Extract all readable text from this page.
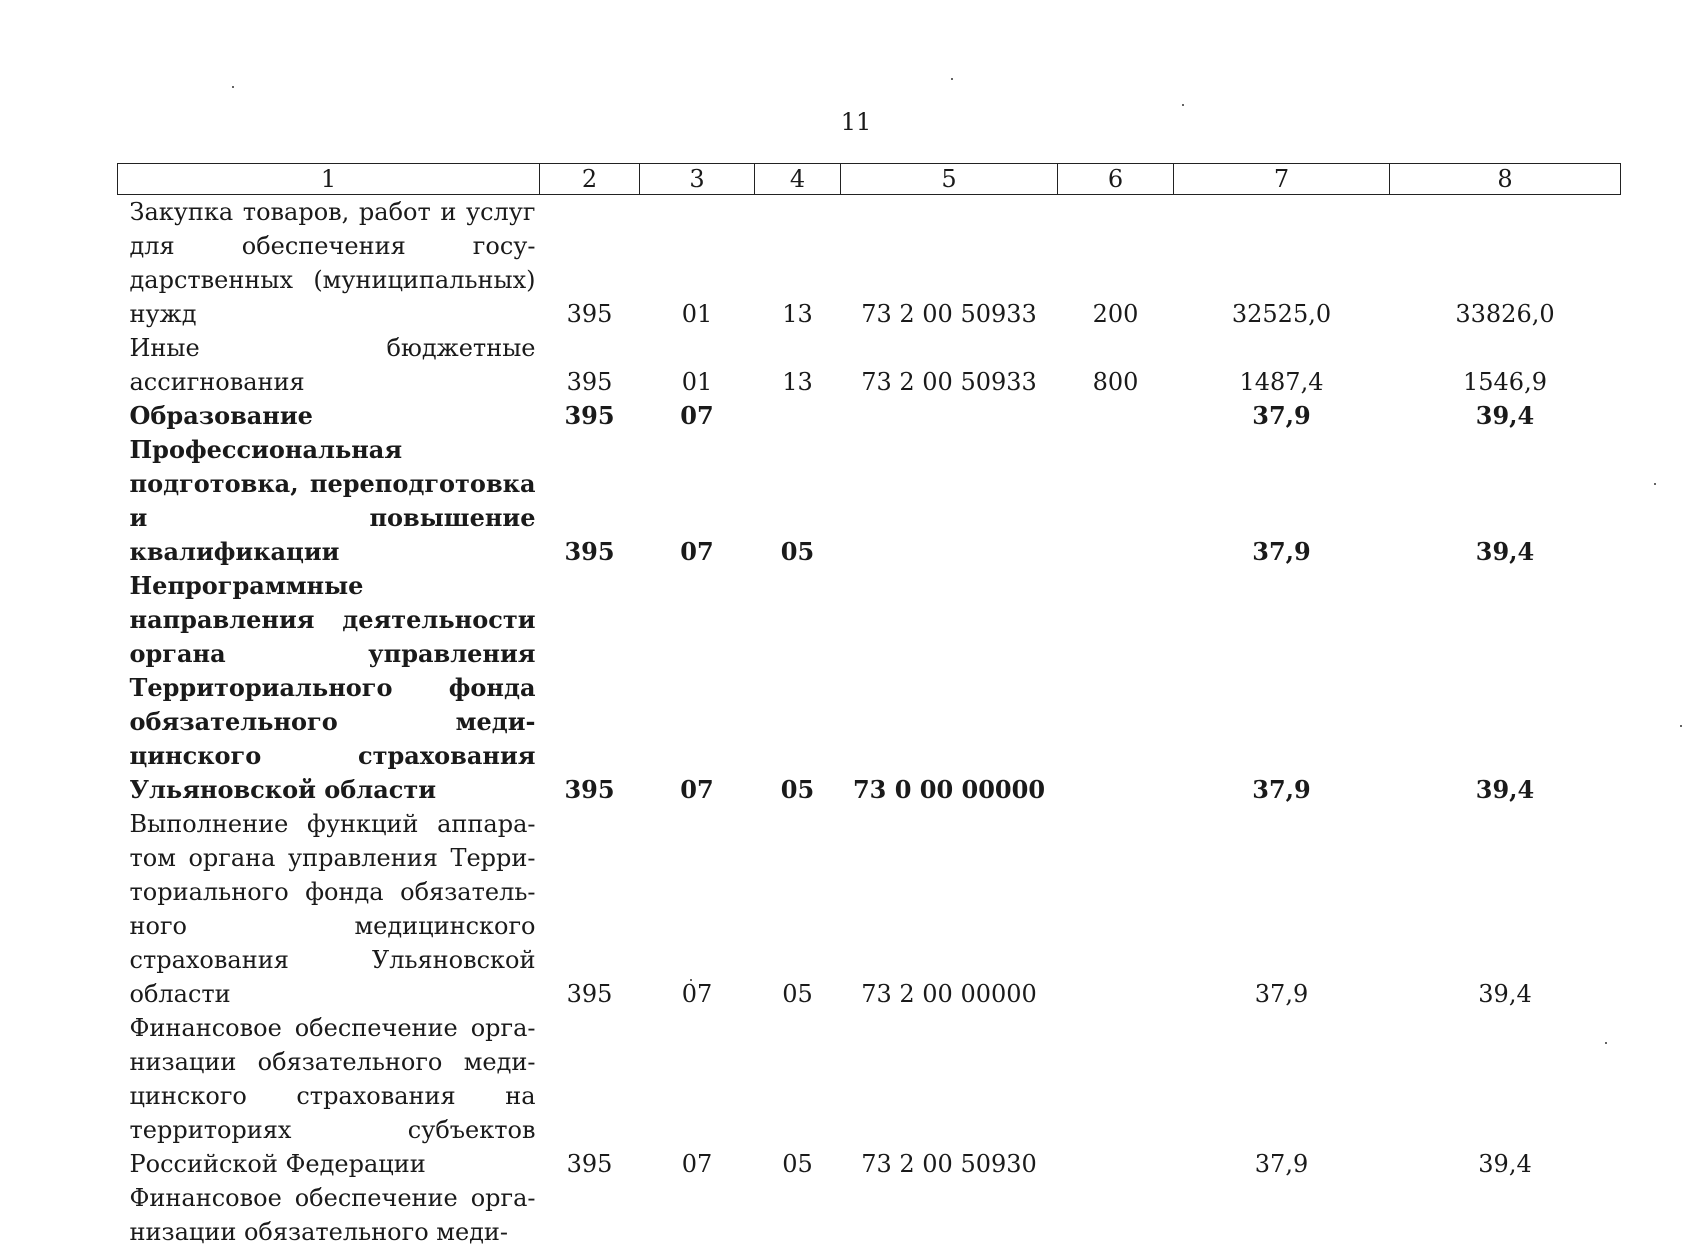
11
1	2	3	4	5	6	7	8
Закупка товаров, работ и услуг для обеспечения государственных (муниципальных) нужд	395	01	13	73 2 00 50933	200	32525,0	33826,0
Иные бюджетные ассигнования	395	01	13	73 2 00 50933	800	1487,4	1546,9
Образование	395	07				37,9	39,4
Профессиональная подготовка, переподготовка и повышение квалификации	395	07	05			37,9	39,4
Непрограммные направления деятельности органа управления Территориального фонда обязательного медицинского страхования Ульяновской области	395	07	05	73 0 00 00000		37,9	39,4
Выполнение функций аппаратом органа управления Территориального фонда обязательного медицинского страхования Ульяновской области	395	07	05	73 2 00 00000		37,9	39,4
Финансовое обеспечение организации обязательного медицинского страхования на территориях субъектов Российской Федерации	395	07	05	73 2 00 50930		37,9	39,4
Финансовое обеспечение организации обязательного меди-							
